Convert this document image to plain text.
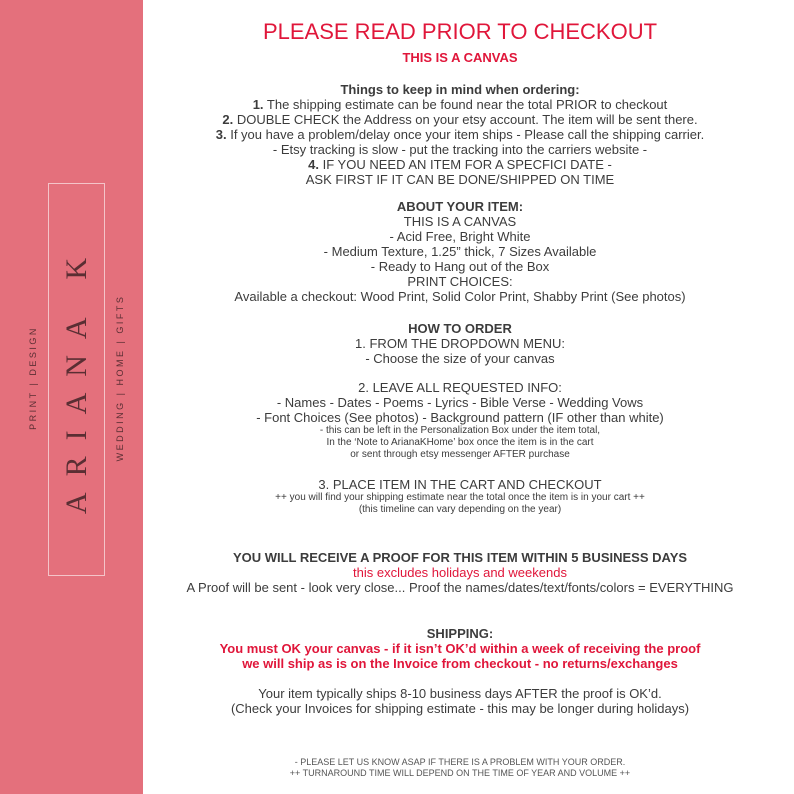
ARIANA K
PRINT | DESIGN	WEDDING | HOME | GIFTS
PLEASE READ PRIOR TO CHECKOUT
THIS IS A CANVAS
Things to keep in mind when ordering:
1. The shipping estimate can be found near the total PRIOR to checkout
2. DOUBLE CHECK the Address on your etsy account. The item will be sent there.
3. If you have a problem/delay once your item ships - Please call the shipping carrier.
- Etsy tracking is slow - put the tracking into the carriers website -
4. IF YOU NEED AN ITEM FOR A SPECFICI DATE -
ASK FIRST IF IT CAN BE DONE/SHIPPED ON TIME
ABOUT YOUR ITEM:
THIS IS A CANVAS
- Acid Free, Bright White
- Medium Texture, 1.25” thick, 7 Sizes Available
- Ready to Hang out of the Box
PRINT CHOICES:
Available a checkout: Wood Print, Solid Color Print, Shabby Print (See photos)
HOW TO ORDER
1. FROM THE DROPDOWN MENU:
- Choose the size of your canvas
2. LEAVE ALL REQUESTED INFO:
- Names - Dates - Poems - Lyrics - Bible Verse - Wedding Vows
- Font Choices (See photos) - Background pattern (IF other than white)
- this can be left in the Personalization Box under the item total,
In the ‘Note to ArianaKHome’ box once the item is in the cart
or sent through etsy messenger AFTER purchase
3. PLACE ITEM IN THE CART AND CHECKOUT
++ you will find your shipping estimate near the total once the item is in your cart ++
(this timeline can vary depending on the year)
YOU WILL RECEIVE A PROOF FOR THIS ITEM WITHIN 5 BUSINESS DAYS
this excludes holidays and weekends
A Proof will be sent - look very close... Proof the names/dates/text/fonts/colors = EVERYTHING
SHIPPING:
You must OK your canvas - if it isn’t OK’d within a week of receiving the proof
we will ship as is on the Invoice from checkout - no returns/exchanges
Your item typically ships 8-10 business days AFTER the proof is OK’d.
(Check your Invoices for shipping estimate - this may be longer during holidays)
- PLEASE LET US KNOW ASAP IF THERE IS A PROBLEM WITH YOUR ORDER.
++ TURNAROUND TIME WILL DEPEND ON THE TIME OF YEAR AND VOLUME ++
